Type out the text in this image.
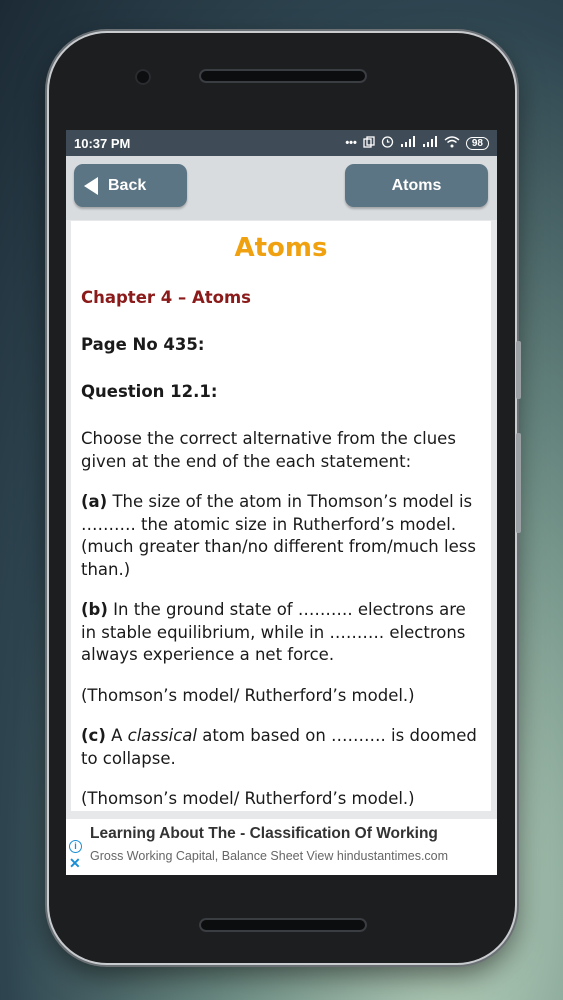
10:37 PM	•••	98
Back	Atoms

Atoms

Chapter 4 – Atoms

Page No 435:

Question 12.1:

Choose the correct alternative from the clues given at the end of the each statement:

(a) The size of the atom in Thomson’s model is ………. the atomic size in Rutherford’s model. (much greater than/no different from/much less than.)

(b) In the ground state of ………. electrons are in stable equilibrium, while in ………. electrons always experience a net force.

(Thomson’s model/ Rutherford’s model.)

(c) A classical atom based on ………. is doomed to collapse.

(Thomson’s model/ Rutherford’s model.)

i
✕
Learning About The - Classification Of Working
Gross Working Capital, Balance Sheet View hindustantimes.com
